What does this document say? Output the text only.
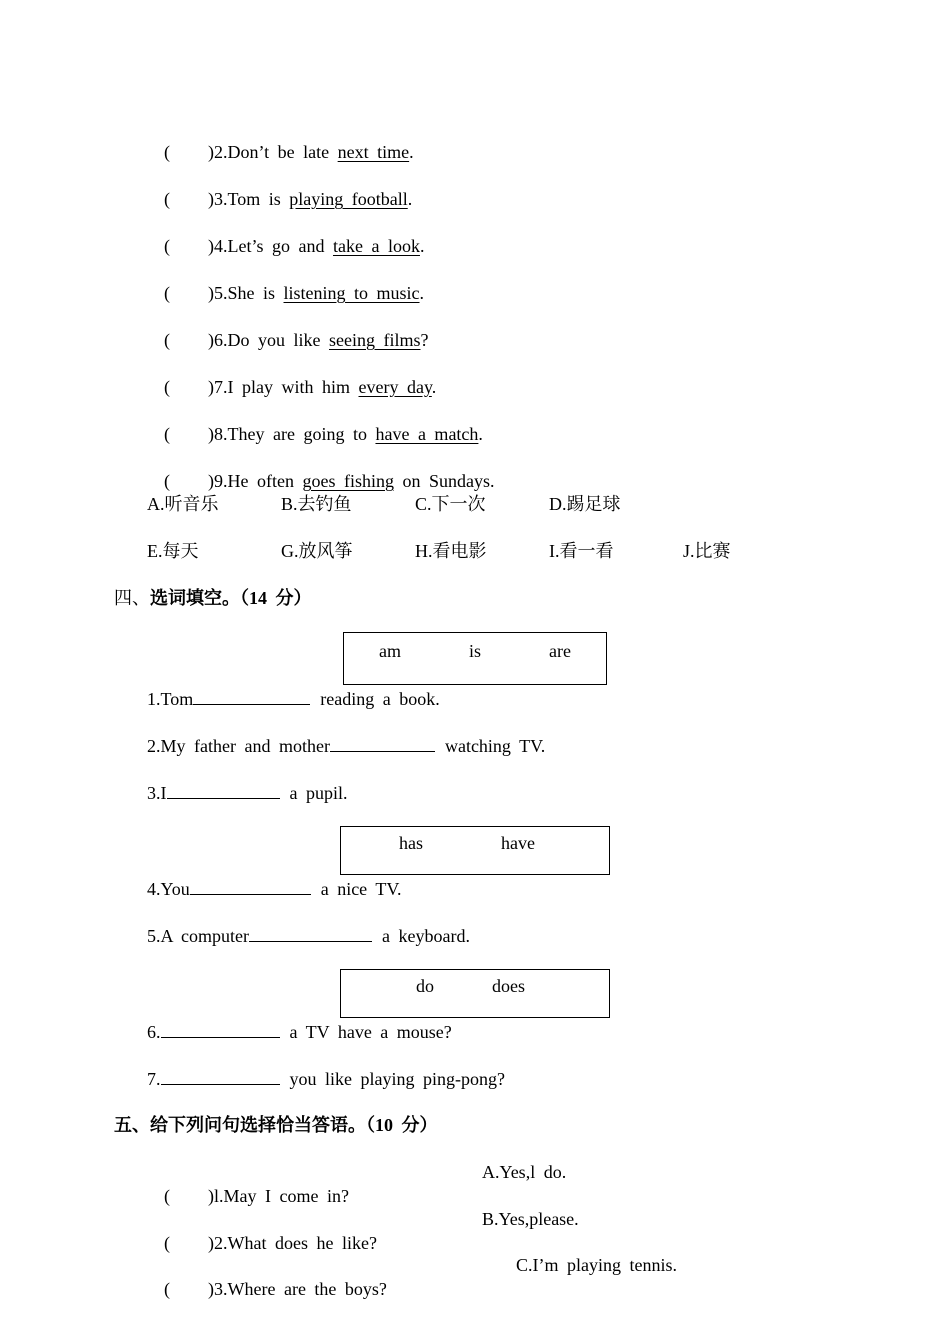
( )2.Don’t be late next time.

( )3.Tom is playing football.

( )4.Let’s go and take a look.

( )5.She is listening to music.

( )6.Do you like seeing films?

( )7.I play with him every day.

( )8.They are going to have a match.

( )9.He often goes fishing on Sundays.

A.听音乐	B.去钓鱼	C.下一次	D.踢足球
E.每天	G.放风筝	H.看电影	I.看一看	J.比赛
四、选词填空。（14 分）
am	is	are
1.Tom	reading a book.
2.My father and mother	watching TV.
3.I	a pupil.
has	have
4.You	a nice TV.
5.A computer	a keyboard.
do	does
6.	a TV have a mouse?
7.	you like playing ping-pong?
五、给下列问句选择恰当答语。（10 分）

( )l.May I come in?

A.Yes,l do.

( )2.What does he like?

B.Yes,please.

( )3.Where are the boys?

C.I’m playing tennis.
